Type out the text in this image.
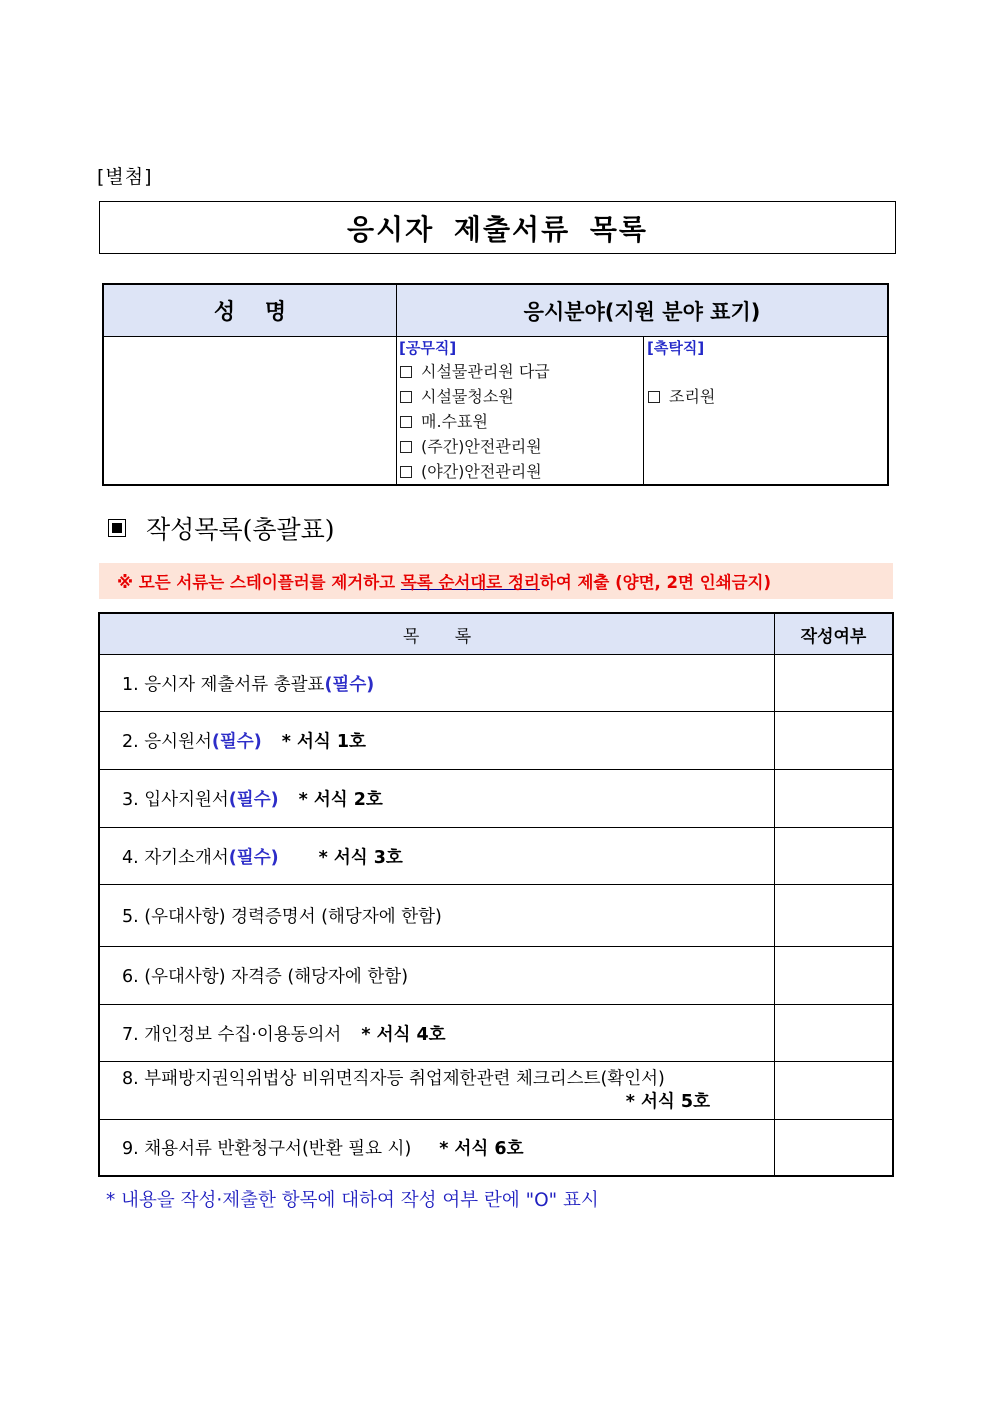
[별첨]
응시자 제출서류 목록
성 명	응시분야(지원 분야 표기)
[공무직]
시설물관리원 다급
시설물청소원
매.수표원
(주간)안전관리원
(야간)안전관리원
[촉탁직]
조리원
작성목록(총괄표)
※ 모든 서류는 스테이플러를 제거하고 목록 순서대로 정리 하여 제출 (양면, 2면 인쇄금지)
목 록	작성여부
1. 응시자 제출서류 총괄표 (필수)
2. 응시원서 (필수) * 서식 1호
3. 입사지원서 (필수) * 서식 2호
4. 자기소개서 (필수) * 서식 3호
5. (우대사항) 경력증명서 (해당자에 한함)
6. (우대사항) 자격증 (해당자에 한함)
7. 개인정보 수집·이용동의서 * 서식 4호
8. 부패방지권익위법상 비위면직자등 취업제한관련 체크리스트(확인서)
* 서식 5호
9. 채용서류 반환청구서(반환 필요 시) * 서식 6호
* 내용을 작성·제출한 항목에 대하여 작성 여부 란에 "O" 표시
